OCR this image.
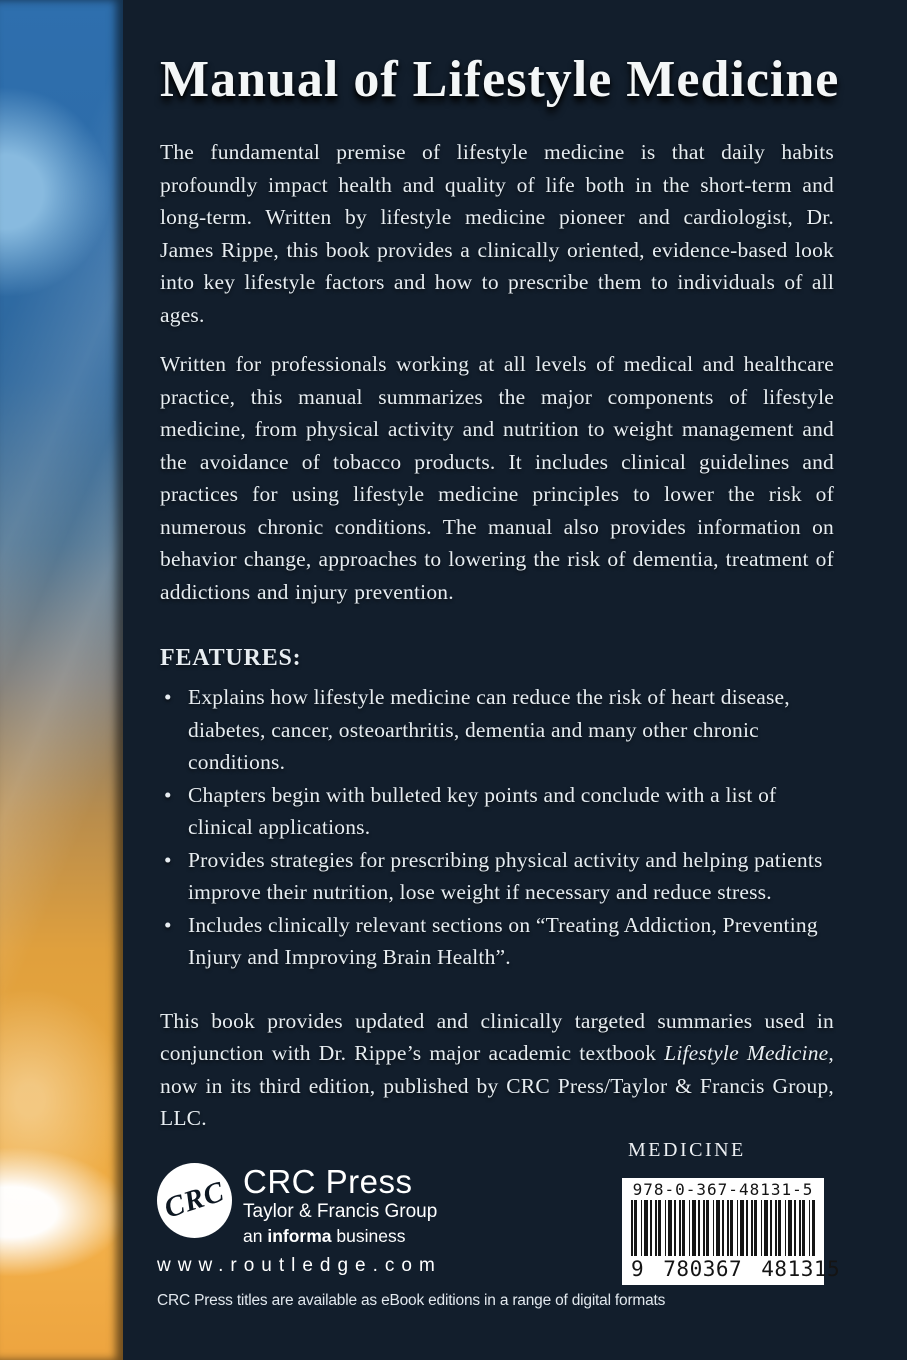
Manual of Lifestyle Medicine

The fundamental premise of lifestyle medicine is that daily habits profoundly impact health and quality of life both in the short-term and long-term. Written by lifestyle medicine pioneer and cardiologist, Dr. James Rippe, this book provides a clinically oriented, evidence-based look into key lifestyle factors and how to prescribe them to individuals of all ages.

Written for professionals working at all levels of medical and healthcare practice, this manual summarizes the major components of lifestyle medicine, from physical activity and nutrition to weight management and the avoidance of tobacco products. It includes clinical guidelines and practices for using lifestyle medicine principles to lower the risk of numerous chronic conditions. The manual also provides information on behavior change, approaches to lowering the risk of dementia, treatment of addictions and injury prevention.

FEATURES:
• Explains how lifestyle medicine can reduce the risk of heart disease, diabetes, cancer, osteoarthritis, dementia and many other chronic conditions.
• Chapters begin with bulleted key points and conclude with a list of clinical applications.
• Provides strategies for prescribing physical activity and helping patients improve their nutrition, lose weight if necessary and reduce stress.
• Includes clinically relevant sections on “Treating Addiction, Preventing Injury and Improving Brain Health”.

This book provides updated and clinically targeted summaries used in conjunction with Dr. Rippe’s major academic textbook Lifestyle Medicine, now in its third edition, published by CRC Press/Taylor & Francis Group, LLC.

CRC CRC Press
Taylor & Francis Group
an informa business
www.routledge.com
CRC Press titles are available as eBook editions in a range of digital formats
MEDICINE
978-0-367-48131-5
9 780367 481315
